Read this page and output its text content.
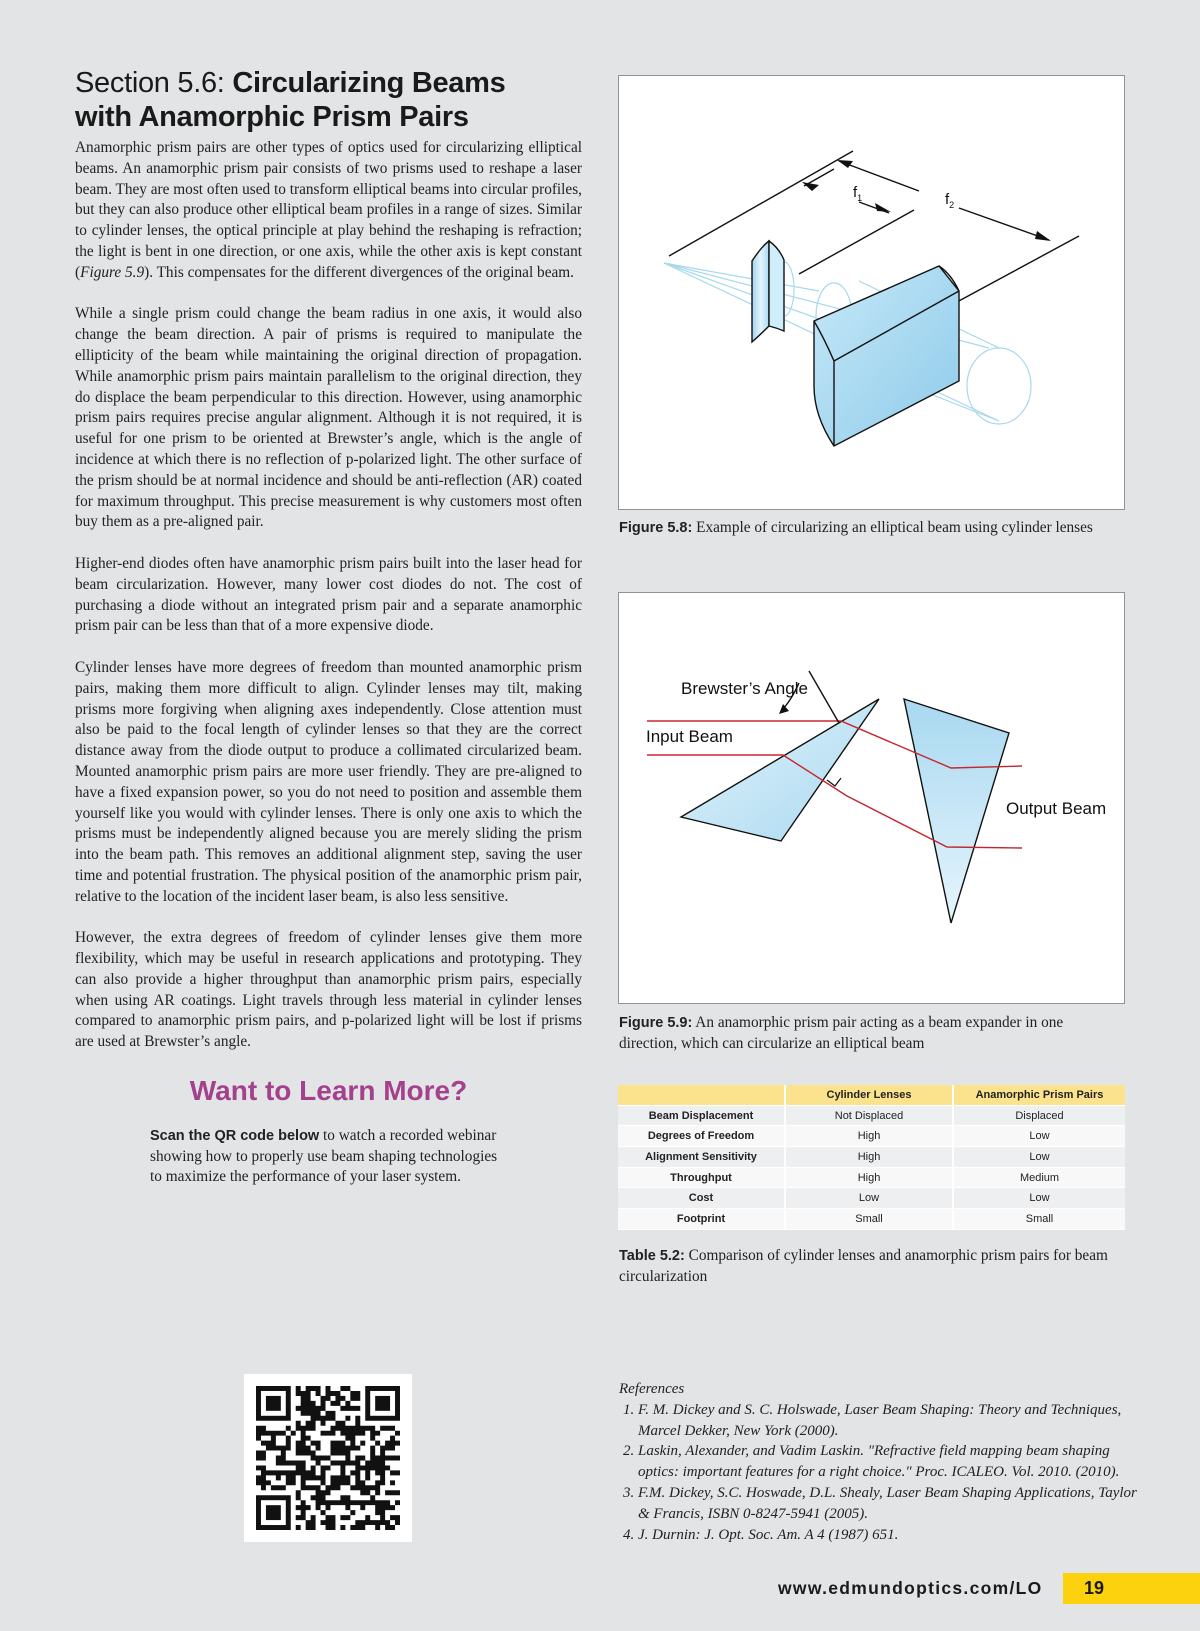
Section 5.6: Circularizing Beams
with Anamorphic Prism Pairs

Anamorphic prism pairs are other types of optics used for circularizing elliptical beams. An anamorphic prism pair consists of two prisms used to reshape a laser beam. They are most often used to transform elliptical beams into circular profiles, but they can also produce other elliptical beam profiles in a range of sizes. Similar to cylinder lenses, the optical principle at play behind the reshaping is refraction; the light is bent in one direction, or one axis, while the other axis is kept constant (Figure 5.9). This compensates for the different divergences of the original beam.

While a single prism could change the beam radius in one axis, it would also change the beam direction. A pair of prisms is required to manipulate the ellipticity of the beam while maintaining the original direction of propagation. While anamorphic prism pairs maintain parallelism to the original direction, they do displace the beam perpendicular to this direction. However, using anamorphic prism pairs requires precise angular alignment. Although it is not required, it is useful for one prism to be oriented at Brewster’s angle, which is the angle of incidence at which there is no reflection of p-polarized light. The other surface of the prism should be at normal incidence and should be anti-reflection (AR) coated for maximum throughput. This precise measurement is why customers most often buy them as a pre-aligned pair.

Higher-end diodes often have anamorphic prism pairs built into the laser head for beam circularization. However, many lower cost diodes do not. The cost of purchasing a diode without an integrated prism pair and a separate anamorphic prism pair can be less than that of a more expensive diode.

Cylinder lenses have more degrees of freedom than mounted anamorphic prism pairs, making them more difficult to align. Cylinder lenses may tilt, making prisms more forgiving when aligning axes independently. Close attention must also be paid to the focal length of cylinder lenses so that they are the correct distance away from the diode output to produce a collimated circularized beam. Mounted anamorphic prism pairs are more user friendly. They are pre-aligned to have a fixed expansion power, so you do not need to position and assemble them yourself like you would with cylinder lenses. There is only one axis to which the prisms must be independently aligned because you are merely sliding the prism into the beam path. This removes an additional alignment step, saving the user time and potential frustration. The physical position of the anamorphic prism pair, relative to the location of the incident laser beam, is also less sensitive.

However, the extra degrees of freedom of cylinder lenses give them more flexibility, which may be useful in research applications and prototyping. They can also provide a higher throughput than anamorphic prism pairs, especially when using AR coatings. Light travels through less material in cylinder lenses compared to anamorphic prism pairs, and p-polarized light will be lost if prisms are used at Brewster’s angle.

Want to Learn More?
Scan the QR code below to watch a recorded webinar showing how to properly use beam shaping technologies to maximize the performance of your laser system.
$f_1$	$f_2$
Figure 5.8: Example of circularizing an elliptical beam using cylinder lenses
Brewster’s Angle
Input Beam
Output Beam
Figure 5.9: An anamorphic prism pair acting as a beam expander in one direction, which can circularize an elliptical beam
	Cylinder Lenses	Anamorphic Prism Pairs
Beam Displacement	Not Displaced	Displaced
Degrees of Freedom	High	Low
Alignment Sensitivity	High	Low
Throughput	High	Medium
Cost	Low	Low
Footprint	Small	Small
Table 5.2: Comparison of cylinder lenses and anamorphic prism pairs for beam circularization

References

1. F. M. Dickey and S. C. Holswade, Laser Beam Shaping: Theory and Techniques, Marcel Dekker, New York (2000).
2. Laskin, Alexander, and Vadim Laskin. "Refractive field mapping beam shaping optics: important features for a right choice." Proc. ICALEO. Vol. 2010. (2010).
3. F.M. Dickey, S.C. Hoswade, D.L. Shealy, Laser Beam Shaping Applications, Taylor & Francis, ISBN 0-8247-5941 (2005).
4. J. Durnin: J. Opt. Soc. Am. A 4 (1987) 651.
www.edmundoptics.com/LO	19
